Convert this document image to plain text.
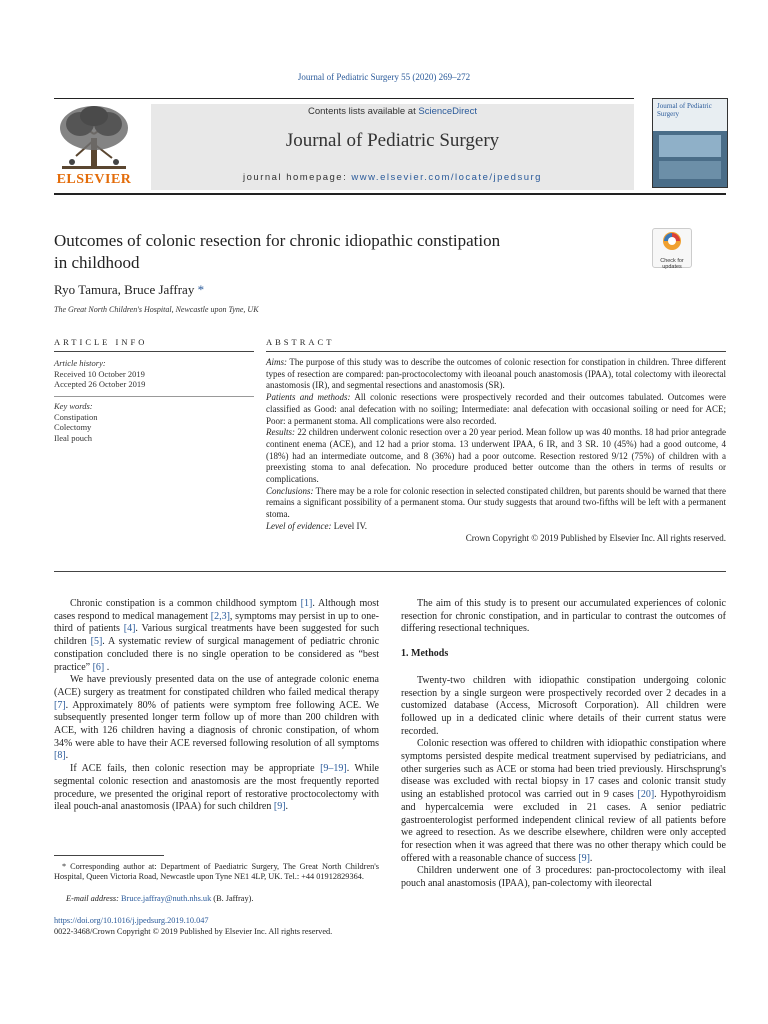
Journal of Pediatric Surgery 55 (2020) 269–272
ELSEVIER
Contents lists available at ScienceDirect
Journal of Pediatric Surgery
journal homepage: www.elsevier.com/locate/jpedsurg
Journal of Pediatric Surgery
Outcomes of colonic resection for chronic idiopathic constipation
in childhood	Check for updates
Ryo Tamura, Bruce Jaffray *
The Great North Children's Hospital, Newcastle upon Tyne, UK
ARTICLE INFO	ABSTRACT
Article history:
Received 10 October 2019
Accepted 26 October 2019
Key words:
Constipation
Colectomy
Ileal pouch
Aims: The purpose of this study was to describe the outcomes of colonic resection for constipation in children. Three different types of resection are compared: pan-proctocolectomy with ileoanal pouch anastomosis (IPAA), total colectomy with ileorectal anastomosis (IR), and segmental resections and anastomosis (SR).
Patients and methods: All colonic resections were prospectively recorded and their outcomes tabulated. Outcomes were classified as Good: anal defecation with no soiling; Intermediate: anal defecation with occasional soiling or need for ACE; Poor: a permanent stoma. All complications were also recorded.
Results: 22 children underwent colonic resection over a 20 year period. Mean follow up was 40 months. 18 had prior antegrade continent enema (ACE), and 12 had a prior stoma. 13 underwent IPAA, 6 IR, and 3 SR. 10 (45%) had a good outcome, 4 (18%) had an intermediate outcome, and 8 (36%) had a poor outcome. Resection restored 9/12 (75%) of children with a preexisting stoma to anal defecation. No procedure produced better outcome than the others in terms of results or complications.
Conclusions: There may be a role for colonic resection in selected constipated children, but parents should be warned that there remains a significant possibility of a permanent stoma. Our study suggests that around two-fifths will be left with a permanent stoma.
Level of evidence: Level IV.
Crown Copyright © 2019 Published by Elsevier Inc. All rights reserved.

Chronic constipation is a common childhood symptom [1]. Although most cases respond to medical management [2,3], symptoms may persist in up to one-third of patients [4]. Various surgical treatments have been suggested for such children [5]. A systematic review of surgical management of pediatric chronic constipation concluded there is no single operation to be considered as “best practice” [6] .

We have previously presented data on the use of antegrade colonic enema (ACE) surgery as treatment for constipated children who failed medical therapy [7]. Approximately 80% of patients were symptom free following ACE. We subsequently presented longer term follow up of more than 200 children with ACE, with 126 children having a diagnosis of chronic constipation, of whom 34% were able to have their ACE reversed following resolution of all symptoms [8].

If ACE fails, then colonic resection may be appropriate [9–19]. While segmental colonic resection and anastomosis are the most frequently reported procedure, we presented the original report of restorative proctocolectomy with ileal pouch-anal anastomosis (IPAA) for such children [9].

* Corresponding author at: Department of Paediatric Surgery, The Great North Children's Hospital, Queen Victoria Road, Newcastle upon Tyne NE1 4LP, UK. Tel.: +44 01912829364.
E-mail address: Bruce.jaffray@nuth.nhs.uk (B. Jaffray).
https://doi.org/10.1016/j.jpedsurg.2019.10.047
0022-3468/Crown Copyright © 2019 Published by Elsevier Inc. All rights reserved.

The aim of this study is to present our accumulated experiences of colonic resection for chronic constipation, and in particular to contrast the outcomes of differing resectional techniques.

1. Methods

Twenty-two children with idiopathic constipation undergoing colonic resection by a single surgeon were prospectively recorded over 2 decades in a customized database (Access, Microsoft Corporation). All children were followed up in a dedicated clinic where details of their current status were recorded.

Colonic resection was offered to children with idiopathic constipation where symptoms persisted despite medical treatment supervised by pediatricians, and other surgeries such as ACE or stoma had been tried previously. Hirschsprung's disease was excluded with rectal biopsy in 17 cases and colonic transit study using an established protocol was carried out in 9 cases [20]. Hypothyroidism and hypercalcemia were excluded in 21 cases. A senior pediatric gastroenterologist performed independent clinical review of all patients before we agreed to resection. As we describe elsewhere, children were only accepted for resection when it was agreed that there was no other therapy which could be offered with a reasonable chance of success [9].

Children underwent one of 3 procedures: pan-proctocolectomy with ileal pouch anal anastomosis (IPAA), pan-colectomy with ileorectal
